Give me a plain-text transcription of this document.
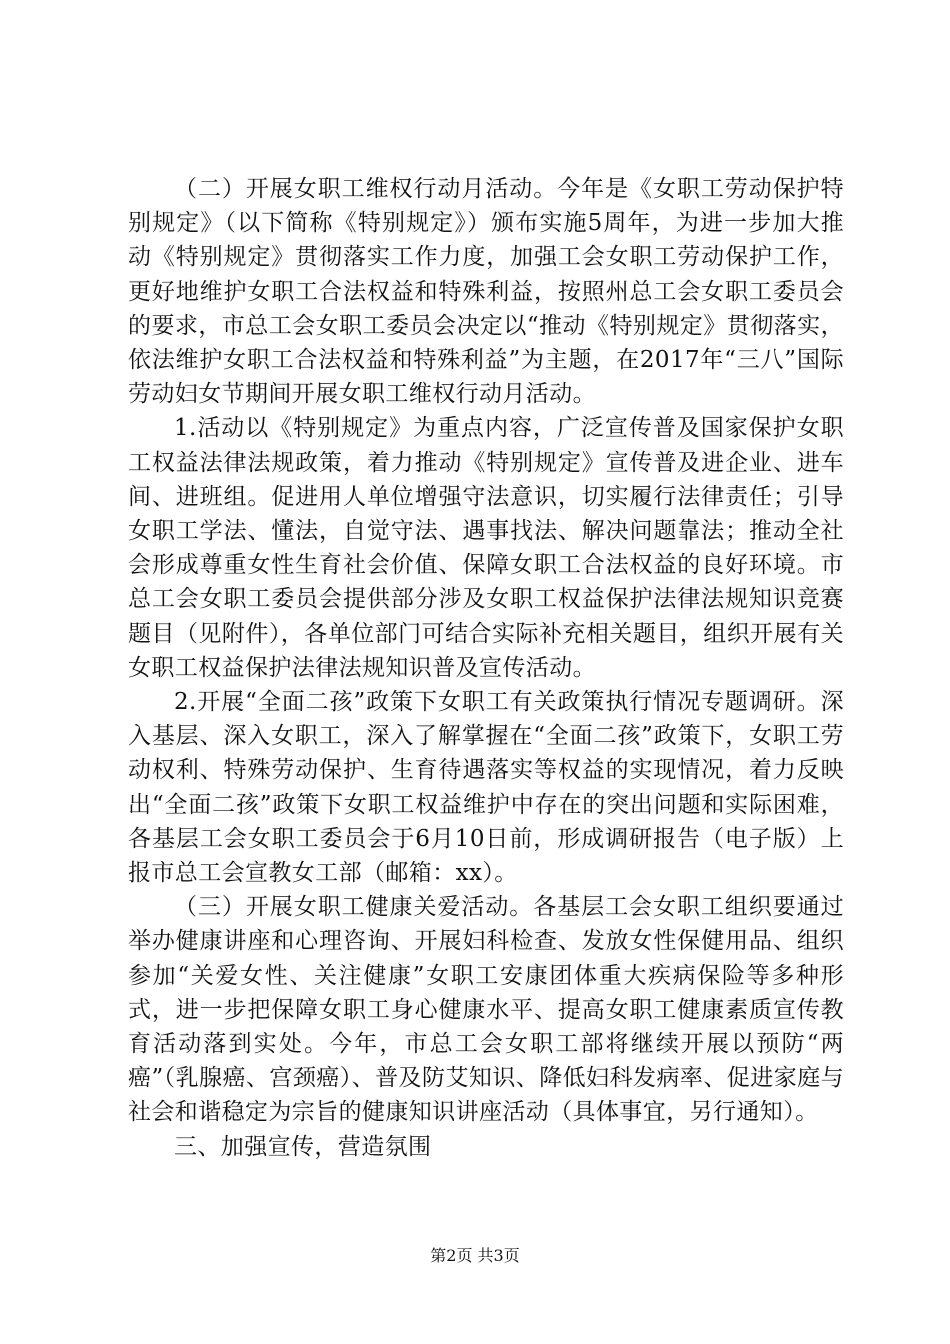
（二）开展女职工维权行动月活动。今年是《女职工劳动保护特别规定》（以下简称《特别规定》）颁布实施5周年，为进一步加大推动《特别规定》贯彻落实工作力度，加强工会女职工劳动保护工作，更好地维护女职工合法权益和特殊利益，按照州总工会女职工委员会的要求，市总工会女职工委员会决定以“推动《特别规定》贯彻落实，依法维护女职工合法权益和特殊利益”为主题，在2017年“三八”国际劳动妇女节期间开展女职工维权行动月活动。

1.活动以《特别规定》为重点内容，广泛宣传普及国家保护女职工权益法律法规政策，着力推动《特别规定》宣传普及进企业、进车间、进班组。促进用人单位增强守法意识，切实履行法律责任；引导女职工学法、懂法，自觉守法、遇事找法、解决问题靠法；推动全社会形成尊重女性生育社会价值、保障女职工合法权益的良好环境。市总工会女职工委员会提供部分涉及女职工权益保护法律法规知识竞赛题目（见附件），各单位部门可结合实际补充相关题目，组织开展有关女职工权益保护法律法规知识普及宣传活动。

2.开展“全面二孩”政策下女职工有关政策执行情况专题调研。深入基层、深入女职工，深入了解掌握在“全面二孩”政策下，女职工劳动权利、特殊劳动保护、生育待遇落实等权益的实现情况，着力反映出“全面二孩”政策下女职工权益维护中存在的突出问题和实际困难，各基层工会女职工委员会于6月10日前，形成调研报告（电子版）上报市总工会宣教女工部（邮箱：xx）。

（三）开展女职工健康关爱活动。各基层工会女职工组织要通过举办健康讲座和心理咨询、开展妇科检查、发放女性保健用品、组织参加“关爱女性、关注健康”女职工安康团体重大疾病保险等多种形式，进一步把保障女职工身心健康水平、提高女职工健康素质宣传教育活动落到实处。今年，市总工会女职工部将继续开展以预防“两癌”（乳腺癌、宫颈癌）、普及防艾知识、降低妇科发病率、促进家庭与社会和谐稳定为宗旨的健康知识讲座活动（具体事宜，另行通知）。

三、加强宣传，营造氛围

第2页 共3页
